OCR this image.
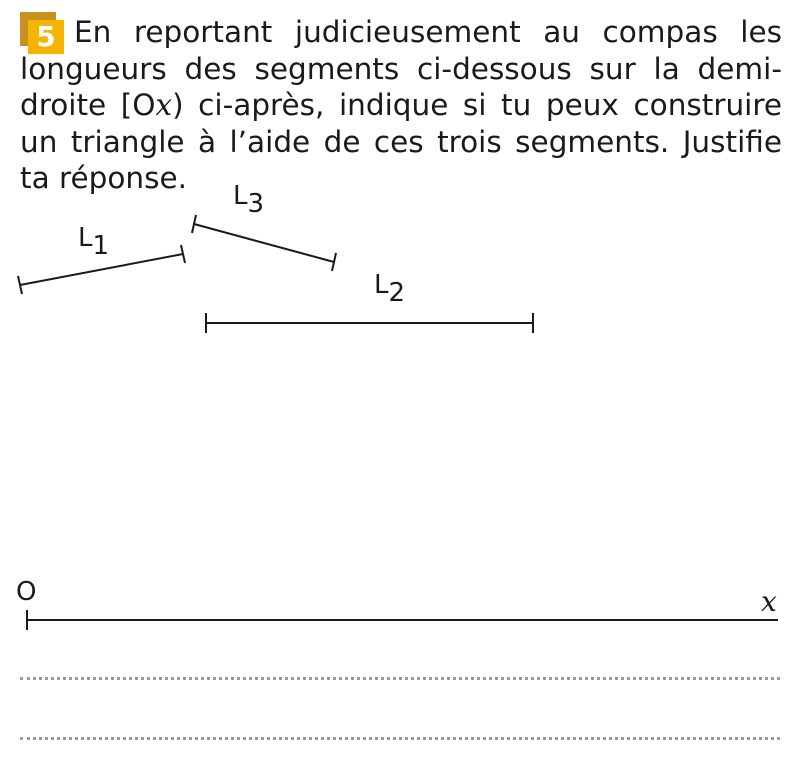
5 En reportant judicieusement au compas les longueurs des segments ci-dessous sur la demi-droite [Ox) ci-après, indique si tu peux construire un triangle à l’aide de ces trois segments. Justifie ta réponse.

L1
L3
L2
O	x
